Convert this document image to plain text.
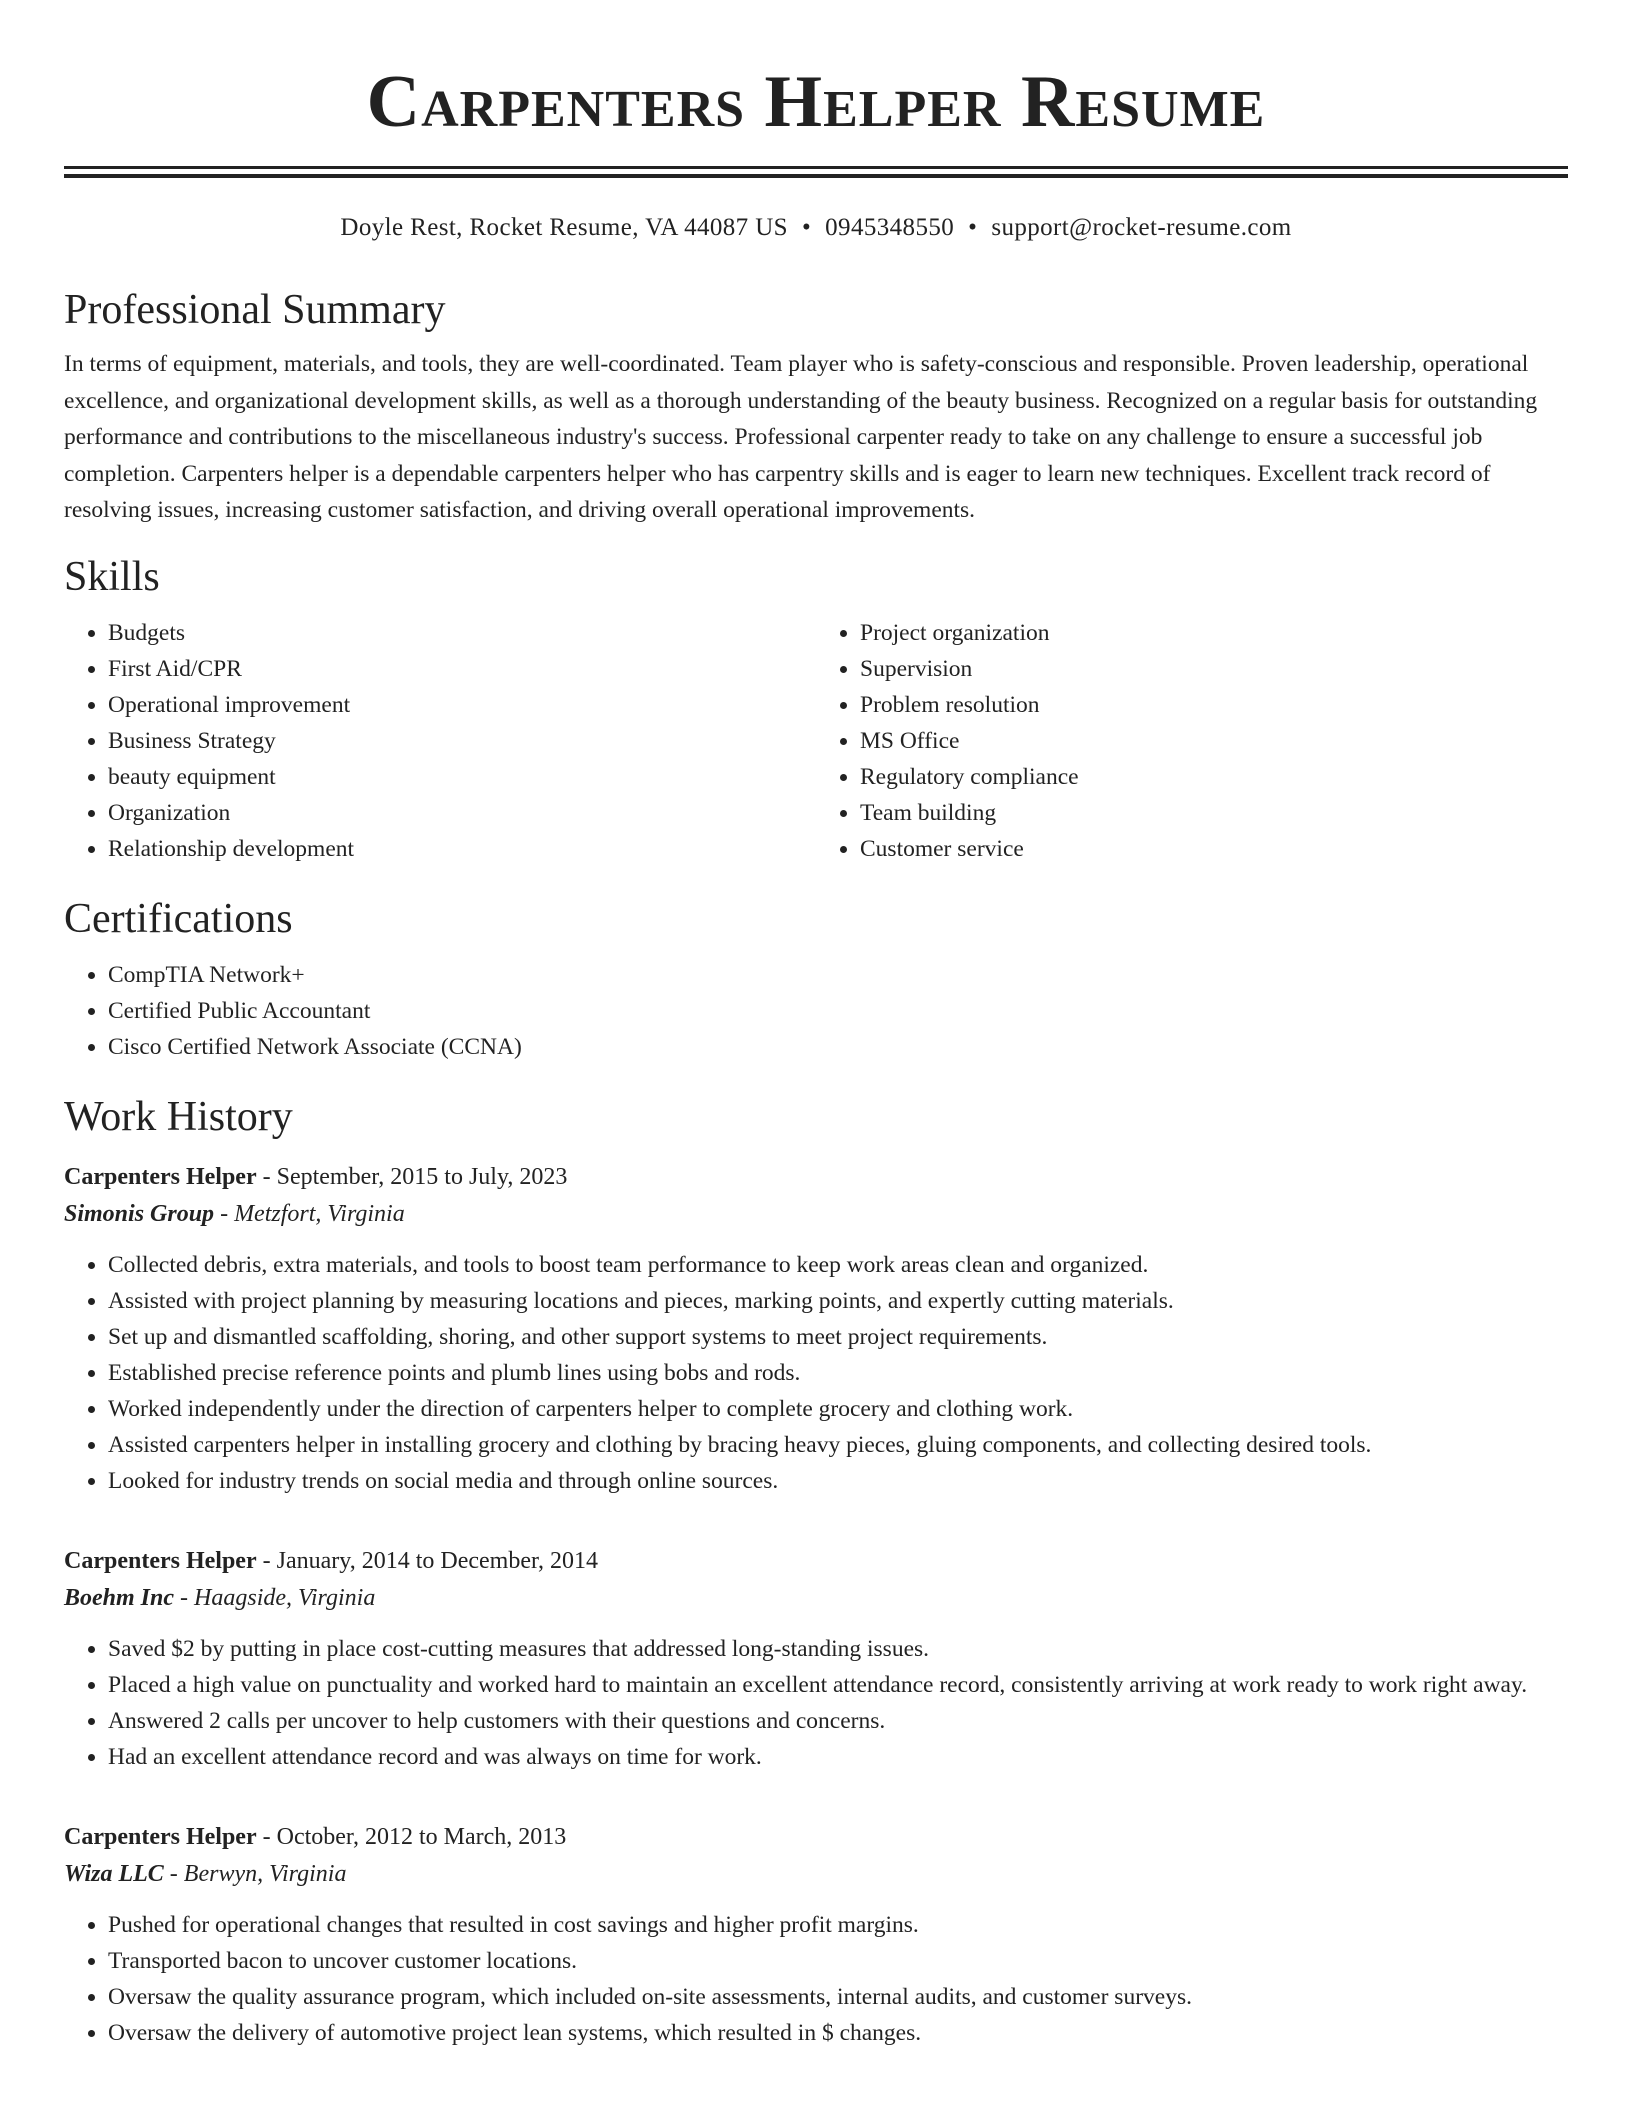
Carpenters Helper Resume
Doyle Rest, Rocket Resume, VA 44087 US • 0945348550 • support@rocket-resume.com
Professional Summary

In terms of equipment, materials, and tools, they are well-coordinated. Team player who is safety-conscious and responsible. Proven leadership, operational excellence, and organizational development skills, as well as a thorough understanding of the beauty business. Recognized on a regular basis for outstanding performance and contributions to the miscellaneous industry's success. Professional carpenter ready to take on any challenge to ensure a successful job completion. Carpenters helper is a dependable carpenters helper who has carpentry skills and is eager to learn new techniques. Excellent track record of resolving issues, increasing customer satisfaction, and driving overall operational improvements.

Skills
• Budgets
• First Aid/CPR
• Operational improvement
• Business Strategy
• beauty equipment
• Organization
• Relationship development
• Project organization
• Supervision
• Problem resolution
• MS Office
• Regulatory compliance
• Team building
• Customer service
Certifications
• CompTIA Network+
• Certified Public Accountant
• Cisco Certified Network Associate (CCNA)
Work History
Carpenters Helper - September, 2015 to July, 2023
Simonis Group - Metzfort, Virginia
• Collected debris, extra materials, and tools to boost team performance to keep work areas clean and organized.
• Assisted with project planning by measuring locations and pieces, marking points, and expertly cutting materials.
• Set up and dismantled scaffolding, shoring, and other support systems to meet project requirements.
• Established precise reference points and plumb lines using bobs and rods.
• Worked independently under the direction of carpenters helper to complete grocery and clothing work.
• Assisted carpenters helper in installing grocery and clothing by bracing heavy pieces, gluing components, and collecting desired tools.
• Looked for industry trends on social media and through online sources.
Carpenters Helper - January, 2014 to December, 2014
Boehm Inc - Haagside, Virginia
• Saved $2 by putting in place cost-cutting measures that addressed long-standing issues.
• Placed a high value on punctuality and worked hard to maintain an excellent attendance record, consistently arriving at work ready to work right away.
• Answered 2 calls per uncover to help customers with their questions and concerns.
• Had an excellent attendance record and was always on time for work.
Carpenters Helper - October, 2012 to March, 2013
Wiza LLC - Berwyn, Virginia
• Pushed for operational changes that resulted in cost savings and higher profit margins.
• Transported bacon to uncover customer locations.
• Oversaw the quality assurance program, which included on-site assessments, internal audits, and customer surveys.
• Oversaw the delivery of automotive project lean systems, which resulted in $ changes.
